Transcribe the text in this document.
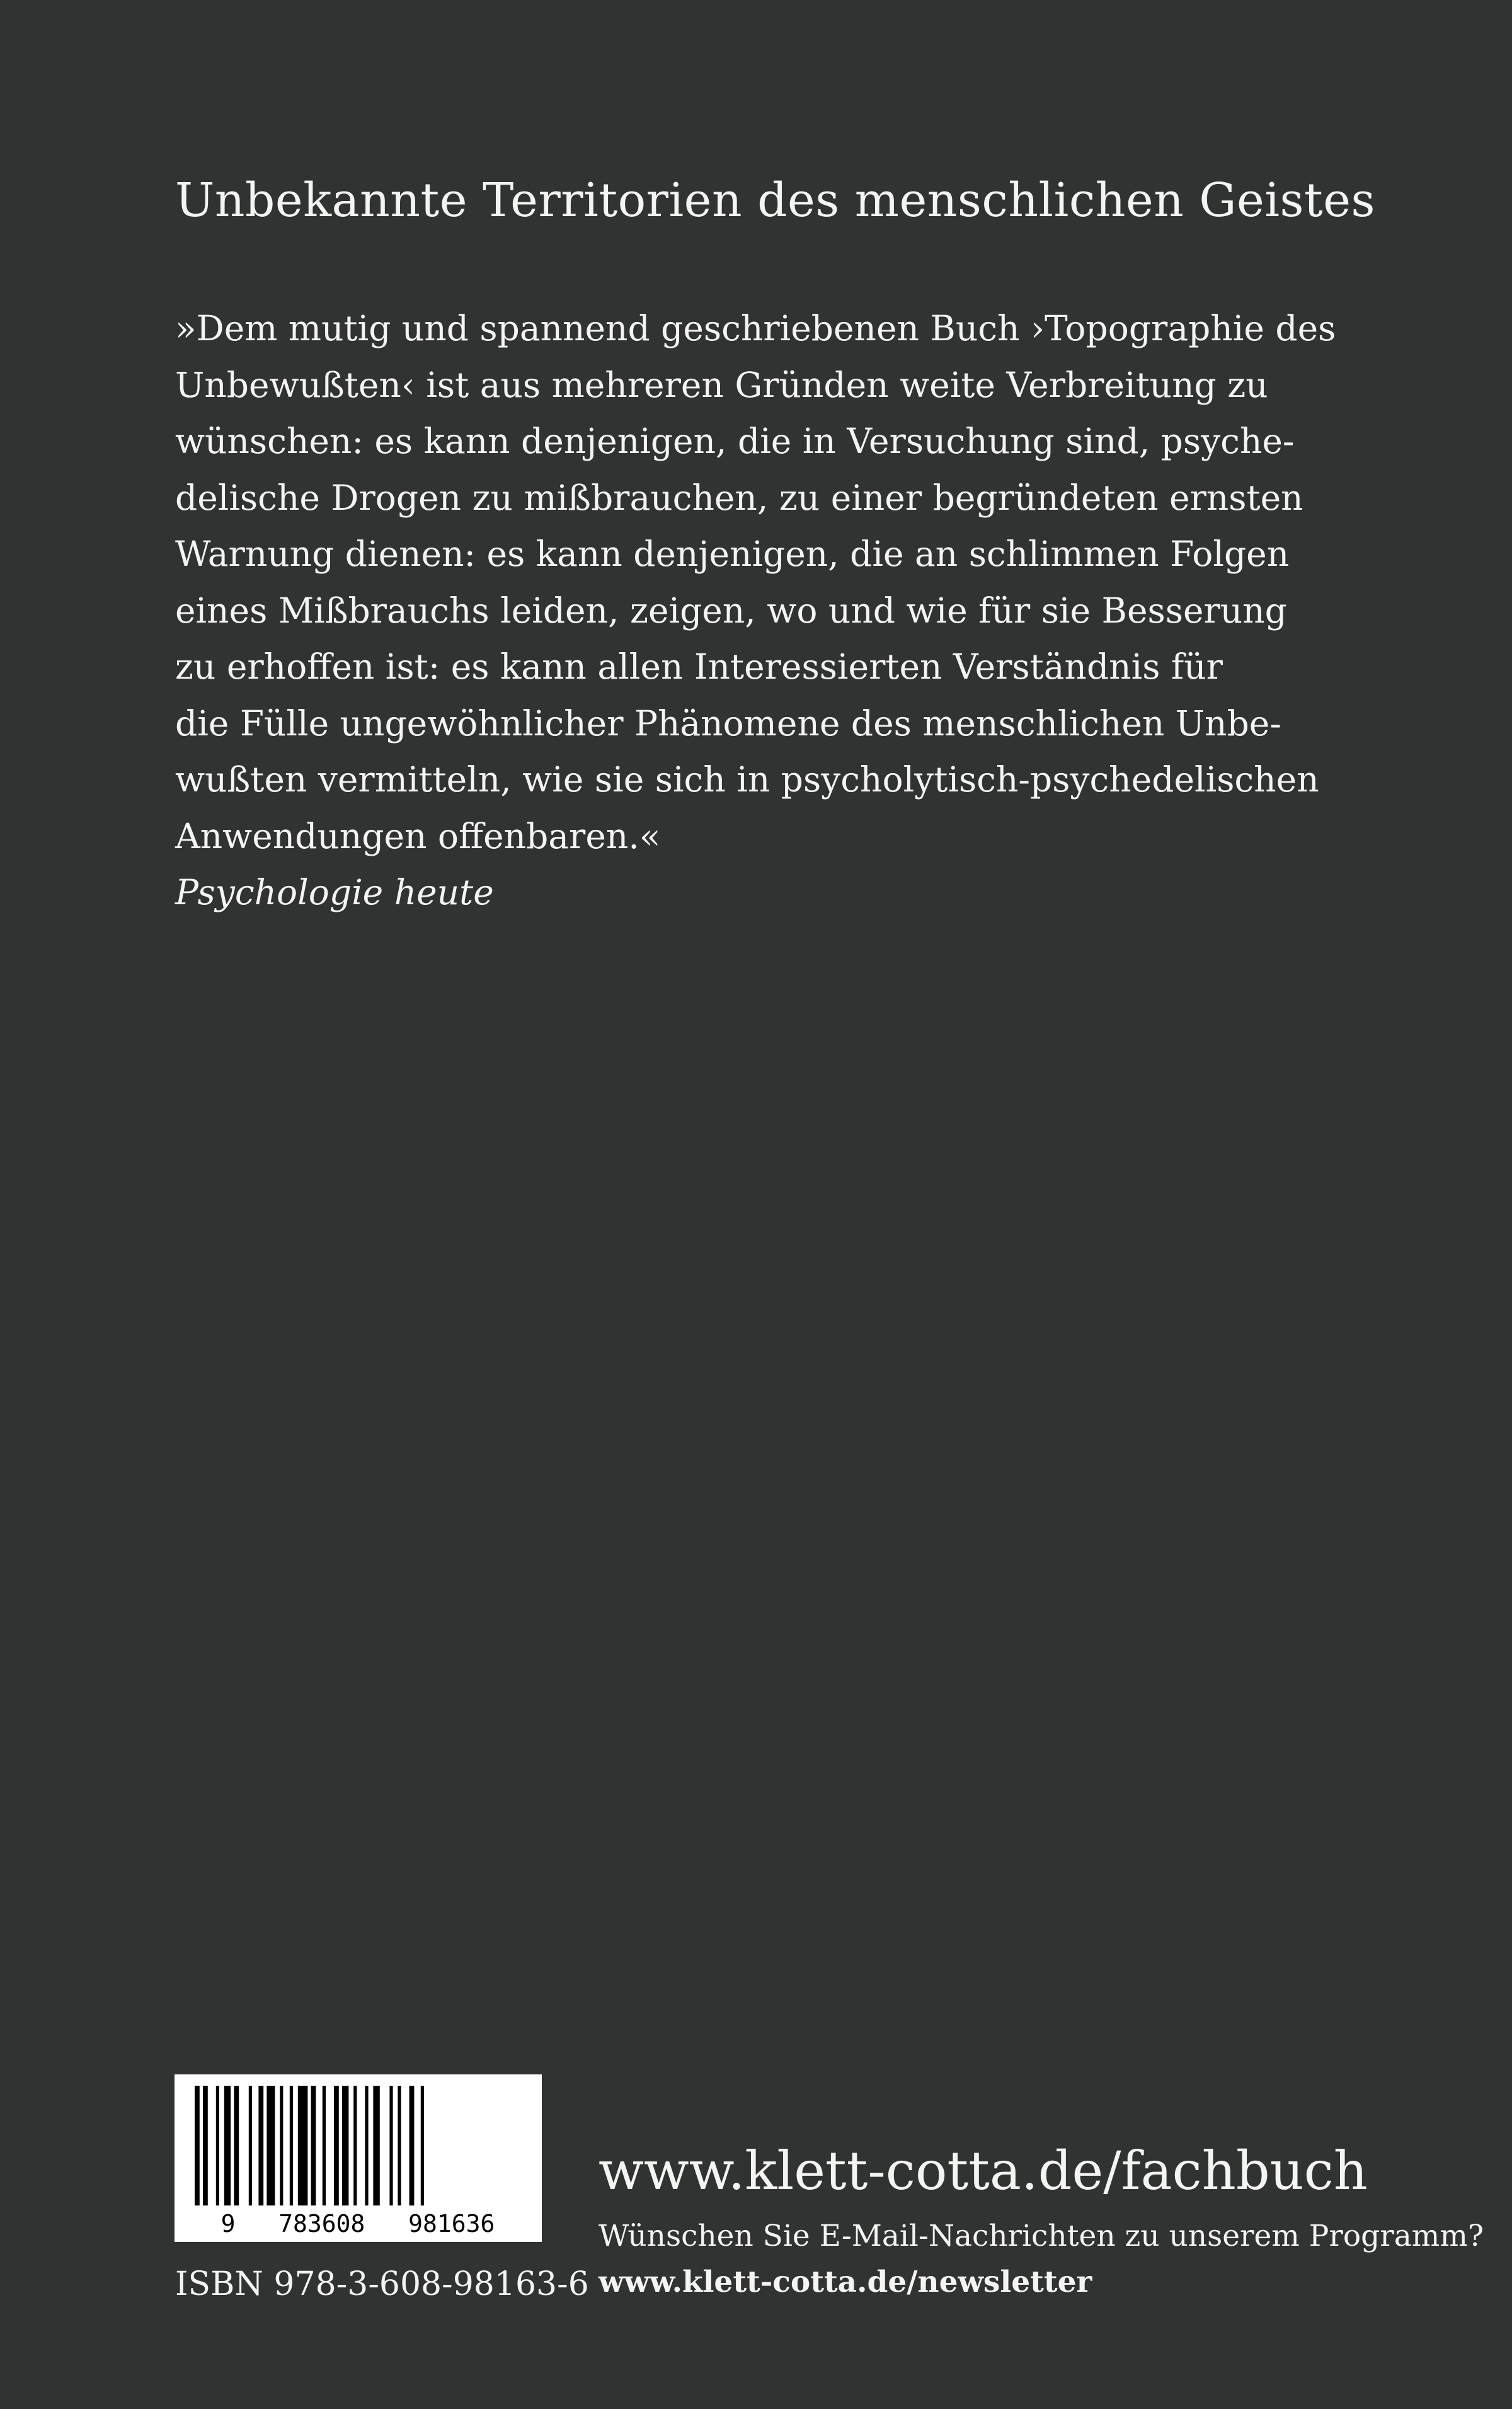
Unbekannte Territorien des menschlichen Geistes
»Dem mutig und spannend geschriebenen Buch ›Topographie des
Unbewußten‹ ist aus mehreren Gründen weite Verbreitung zu
wünschen: es kann denjenigen, die in Versuchung sind, psyche-
delische Drogen zu mißbrauchen, zu einer begründeten ernsten
Warnung dienen: es kann denjenigen, die an schlimmen Folgen
eines Mißbrauchs leiden, zeigen, wo und wie für sie Besserung
zu erhoffen ist: es kann allen Interessierten Verständnis für
die Fülle ungewöhnlicher Phänomene des menschlichen Unbe-
wußten vermitteln, wie sie sich in psycholytisch-psychedelischen
Anwendungen offenbaren.«
Psychologie heute
9   783608   981636

ISBN 978-3-608-98163-6

www.klett-cotta.de/fachbuch

Wünschen Sie E-Mail-Nachrichten zu unserem Programm?

www.klett-cotta.de/newsletter
